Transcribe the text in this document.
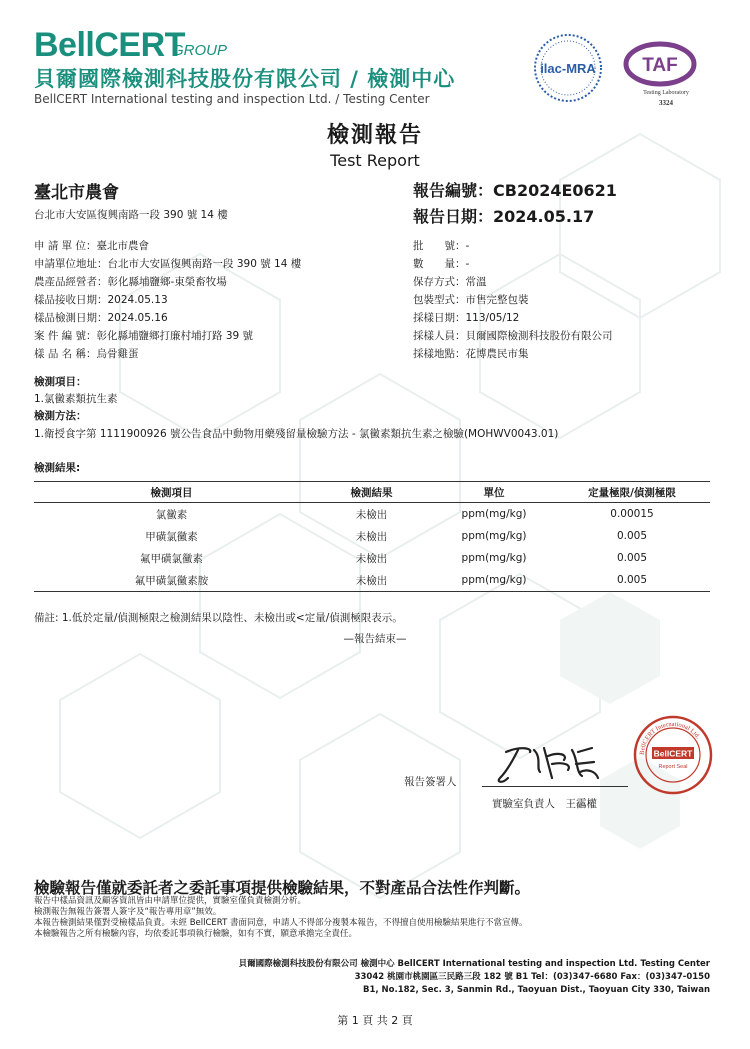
BellCERT
GROUP
貝爾國際檢測科技股份有限公司 / 檢測中心
BellCERT International testing and inspection Ltd. / Testing Center
ilac-MRA TAF
Testing Laboratory
3324
檢測報告
Test Report
臺北市農會
台北市大安區復興南路一段 390 號 14 樓
報告編號：CB2024E0621
報告日期：2024.05.17
申 請 單 位：臺北市農會
申請單位地址：台北市大安區復興南路一段 390 號 14 樓
農產品經營者：彰化縣埔鹽鄉-東榮畜牧場
樣品接收日期：2024.05.13
樣品檢測日期：2024.05.16
案 件 編 號：彰化縣埔鹽鄉打廉村埔打路 39 號
樣 品 名 稱：烏骨雞蛋
批　　號：-
數　　量：-
保存方式：常溫
包裝型式：市售完整包裝
採樣日期：113/05/12
採樣人員：貝爾國際檢測科技股份有限公司
採樣地點：花博農民市集
檢測項目：
1.氯黴素類抗生素
檢測方法：
1.衛授食字第 1111900926 號公告食品中動物用藥殘留量檢驗方法 - 氯黴素類抗生素之檢驗(MOHWV0043.01)
檢測結果:
檢測項目	檢測結果	單位	定量極限/偵測極限
氯黴素	未檢出	ppm(mg/kg)	0.00015
甲磺氯黴素	未檢出	ppm(mg/kg)	0.005
氟甲磺氯黴素	未檢出	ppm(mg/kg)	0.005
氟甲磺氯黴素胺	未檢出	ppm(mg/kg)	0.005
備註: 1.低於定量/偵測極限之檢測結果以陰性、未檢出或<定量/偵測極限表示。
—報告結束—
報告簽署人
實驗室負責人　王靏權
BellCERT International Ltd.
BellCERT
Report Seal
檢驗報告僅就委託者之委託事項提供檢驗結果，不對產品合法性作判斷。
報告中樣品資訊及顧客資訊皆由申請單位提供，實驗室僅負責檢測分析。
檢測報告無報告簽署人簽字及“報告專用章”無效。
本報告檢測結果僅對受檢樣品負責。未經 BellCERT 書面同意，申請人不得部分複製本報告，不得擅自使用檢驗結果進行不當宣傳。
本檢驗報告之所有檢驗內容，均依委託事項執行檢驗，如有不實，願意承擔完全責任。
貝爾國際檢測科技股份有限公司 檢測中心 BellCERT International testing and inspection Ltd. Testing Center
33042 桃園市桃園區三民路三段 182 號 B1 Tel：(03)347-6680 Fax：(03)347-0150
B1, No.182, Sec. 3, Sanmin Rd., Taoyuan Dist., Taoyuan City 330, Taiwan
第 1 頁 共 2 頁
